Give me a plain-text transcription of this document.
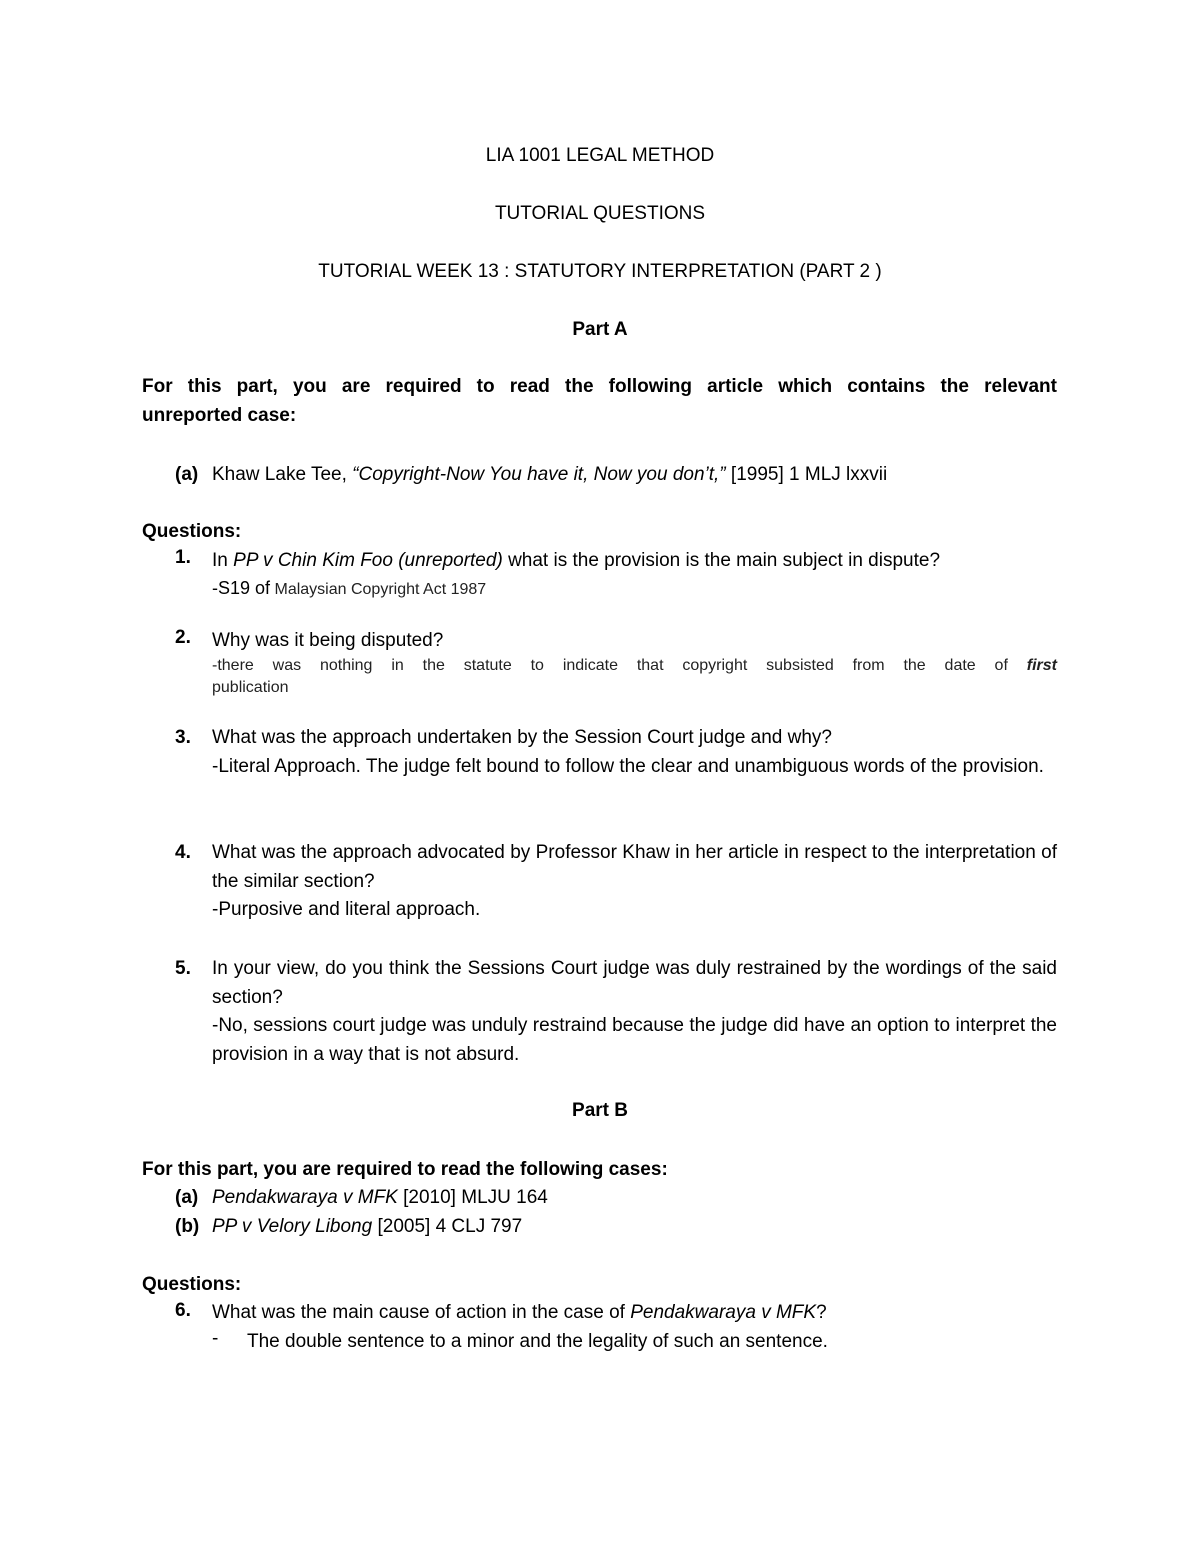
LIA 1001 LEGAL METHOD
TUTORIAL QUESTIONS
TUTORIAL WEEK 13 : STATUTORY INTERPRETATION (PART 2 )
Part A
For this part, you are required to read the following article which contains the relevant
unreported case:
(a) Khaw Lake Tee, “Copyright-Now You have it, Now you don’t,” [1995] 1 MLJ lxxvii
Questions:
1. In PP v Chin Kim Foo (unreported) what is the provision is the main subject in dispute?
-S19 of Malaysian Copyright Act 1987
2. Why was it being disputed?
-there was nothing in the statute to indicate that copyright subsisted from the date of first
publication
3. What was the approach undertaken by the Session Court judge and why?
-Literal Approach. The judge felt bound to follow the clear and unambiguous words of the provision.
4. What was the approach advocated by Professor Khaw in her article in respect to the interpretation of the similar section?
-Purposive and literal approach.
5. In your view, do you think the Sessions Court judge was duly restrained by the wordings of the said section?
-No, sessions court judge was unduly restraind because the judge did have an option to interpret the provision in a way that is not absurd.
Part B
For this part, you are required to read the following cases:
(a) Pendakwaraya v MFK [2010] MLJU 164
(b) PP v Velory Libong [2005] 4 CLJ 797
Questions:
6. What was the main cause of action in the case of Pendakwaraya v MFK?
- The double sentence to a minor and the legality of such an sentence.
